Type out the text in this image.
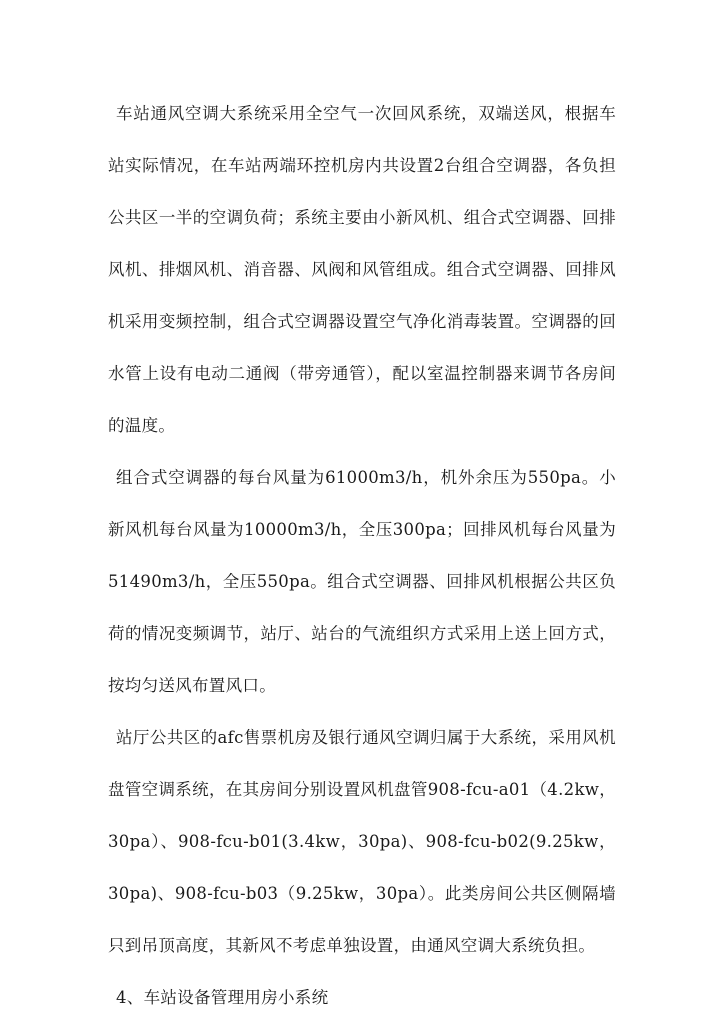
车站通风空调大系统采用全空气一次回风系统，双端送风，根据车站实际情况，在车站两端环控机房内共设置2台组合空调器，各负担公共区一半的空调负荷；系统主要由小新风机、组合式空调器、回排风机、排烟风机、消音器、风阀和风管组成。组合式空调器、回排风机采用变频控制，组合式空调器设置空气净化消毒装置。空调器的回水管上设有电动二通阀（带旁通管），配以室温控制器来调节各房间的温度。

组合式空调器的每台风量为61000m3/h，机外余压为550pa。小新风机每台风量为10000m3/h，全压300pa；回排风机每台风量为51490m3/h，全压550pa。组合式空调器、回排风机根据公共区负荷的情况变频调节，站厅、站台的气流组织方式采用上送上回方式，按均匀送风布置风口。

站厅公共区的afc售票机房及银行通风空调归属于大系统，采用风机盘管空调系统，在其房间分别设置风机盘管908-fcu-a01（4.2kw，30pa）、908-fcu-b01(3.4kw，30pa)、908-fcu-b02(9.25kw，30pa)、908-fcu-b03（9.25kw，30pa）。此类房间公共区侧隔墙只到吊顶高度，其新风不考虑单独设置，由通风空调大系统负担。

4、车站设备管理用房小系统
